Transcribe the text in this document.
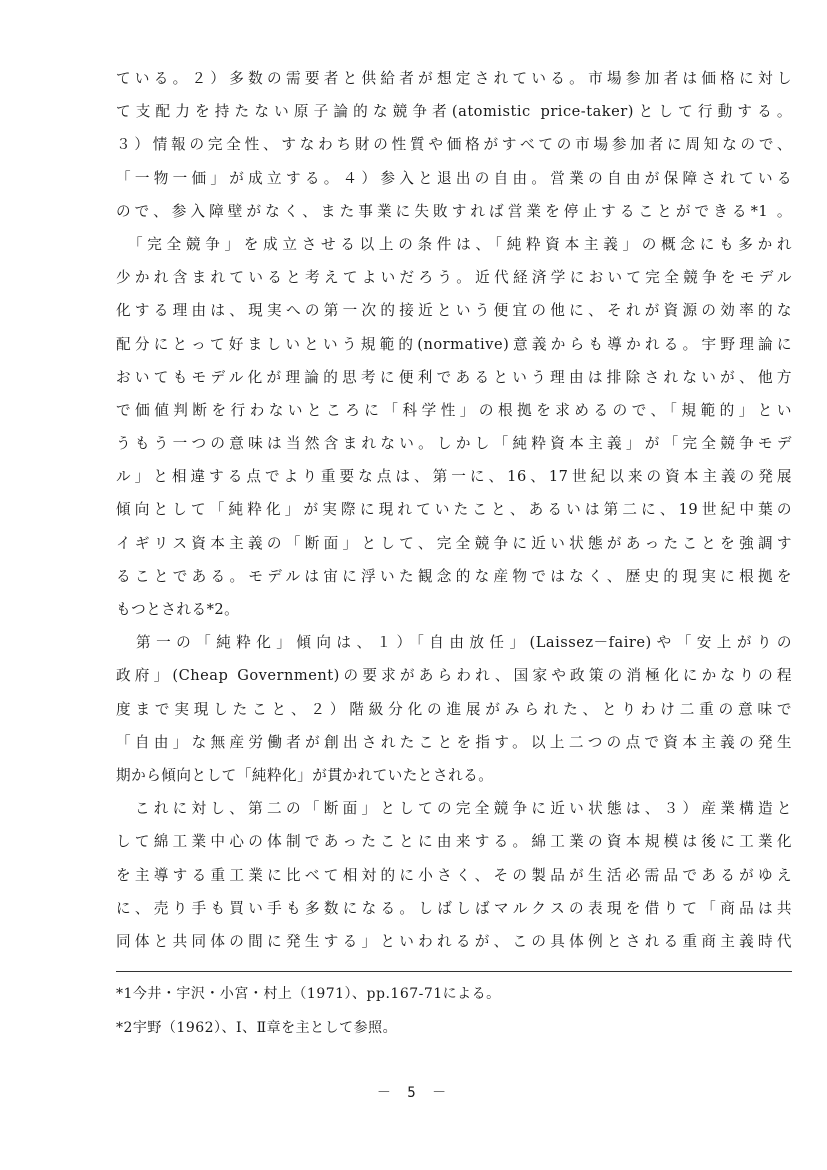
ている。２）多数の需要者と供給者が想定されている。市場参加者は価格に対し
て支配力を持たない原子論的な競争者(atomistic price-taker)として行動する。
３）情報の完全性、すなわち財の性質や価格がすべての市場参加者に周知なので、
「一物一価」が成立する。４）参入と退出の自由。営業の自由が保障されている
ので、参入障壁がなく、また事業に失敗すれば営業を停止することができる*1 。
　「完全競争」を成立させる以上の条件は、「純粋資本主義」の概念にも多かれ
少かれ含まれていると考えてよいだろう。近代経済学において完全競争をモデル
化する理由は、現実への第一次的接近という便宜の他に、それが資源の効率的な
配分にとって好ましいという規範的(normative)意義からも導かれる。宇野理論に
おいてもモデル化が理論的思考に便利であるという理由は排除されないが、他方
で価値判断を行わないところに「科学性」の根拠を求めるので、「規範的」とい
うもう一つの意味は当然含まれない。しかし「純粋資本主義」が「完全競争モデ
ル」と相違する点でより重要な点は、第一に、16、17世紀以来の資本主義の発展
傾向として「純粋化」が実際に現れていたこと、あるいは第二に、19世紀中葉の
イギリス資本主義の「断面」として、完全競争に近い状態があったことを強調す
ることである。モデルは宙に浮いた観念的な産物ではなく、歴史的現実に根拠を
もつとされる*2。
　第一の「純粋化」傾向は、１）「自由放任」(Laissez－faire)や「安上がりの
政府」(Cheap Government)の要求があらわれ、国家や政策の消極化にかなりの程
度まで実現したこと、２）階級分化の進展がみられた、とりわけ二重の意味で
「自由」な無産労働者が創出されたことを指す。以上二つの点で資本主義の発生
期から傾向として「純粋化」が貫かれていたとされる。
　これに対し、第二の「断面」としての完全競争に近い状態は、３）産業構造と
して綿工業中心の体制であったことに由来する。綿工業の資本規模は後に工業化
を主導する重工業に比べて相対的に小さく、その製品が生活必需品であるがゆえ
に、売り手も買い手も多数になる。しばしばマルクスの表現を借りて「商品は共
同体と共同体の間に発生する」といわれるが、この具体例とされる重商主義時代
*1今井・宇沢・小宮・村上（1971）、pp.167-71による。
*2宇野（1962）、Ⅰ、Ⅱ章を主として参照。
－ 5 －
